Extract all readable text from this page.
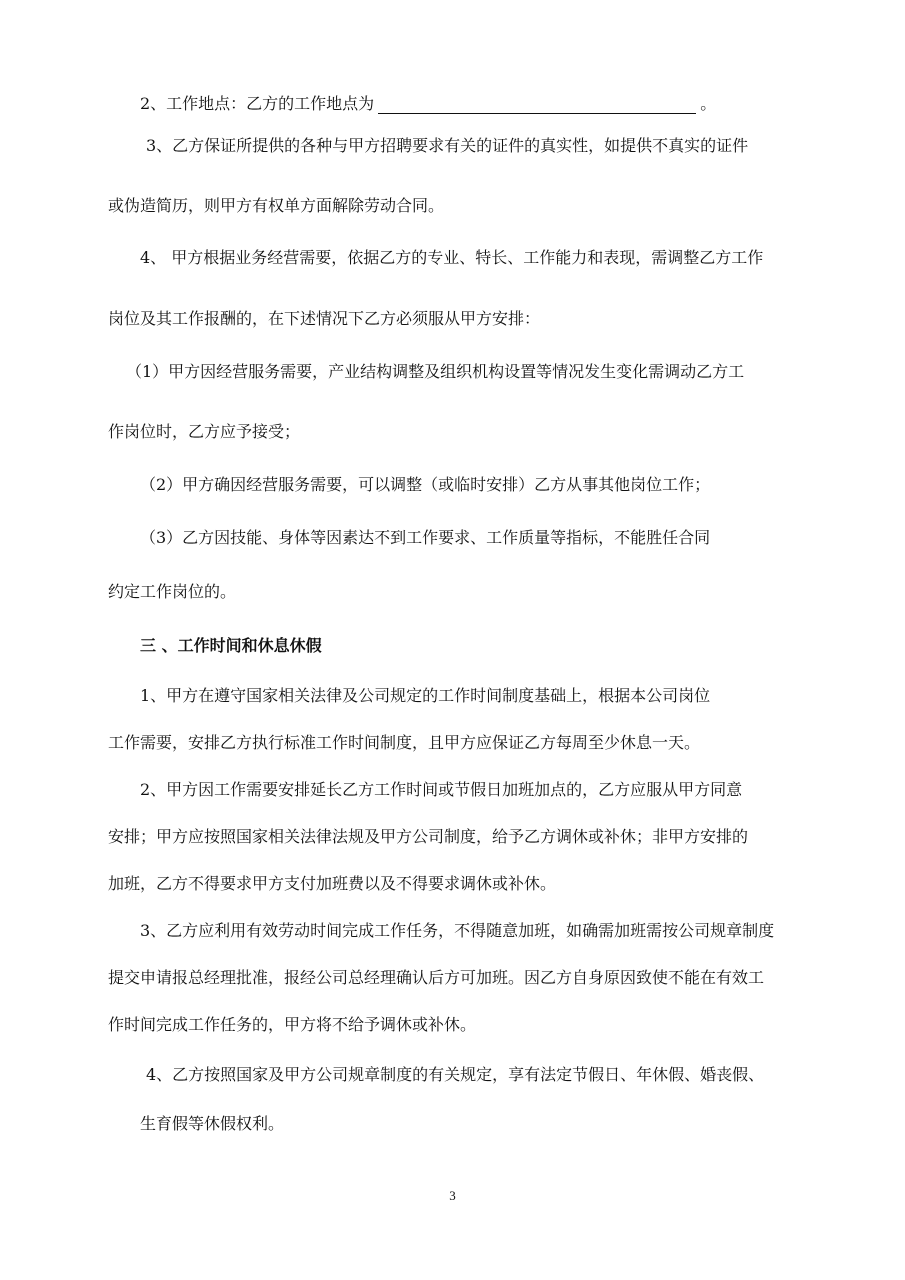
2、工作地点：乙方的工作地点为	。
3、乙方保证所提供的各种与甲方招聘要求有关的证件的真实性，如提供不真实的证件
或伪造简历，则甲方有权单方面解除劳动合同。
4、 甲方根据业务经营需要，依据乙方的专业、特长、工作能力和表现，需调整乙方工作
岗位及其工作报酬的，在下述情况下乙方必须服从甲方安排：
（1）甲方因经营服务需要，产业结构调整及组织机构设置等情况发生变化需调动乙方工
作岗位时，乙方应予接受；
（2）甲方确因经营服务需要，可以调整（或临时安排）乙方从事其他岗位工作；
（3）乙方因技能、身体等因素达不到工作要求、工作质量等指标，不能胜任合同
约定工作岗位的。
三 、工作时间和休息休假
1、甲方在遵守国家相关法律及公司规定的工作时间制度基础上，根据本公司岗位
工作需要，安排乙方执行标准工作时间制度，且甲方应保证乙方每周至少休息一天。
2、甲方因工作需要安排延长乙方工作时间或节假日加班加点的，乙方应服从甲方同意
安排；甲方应按照国家相关法律法规及甲方公司制度，给予乙方调休或补休；非甲方安排的
加班，乙方不得要求甲方支付加班费以及不得要求调休或补休。
3、乙方应利用有效劳动时间完成工作任务，不得随意加班，如确需加班需按公司规章制度
提交申请报总经理批准，报经公司总经理确认后方可加班。因乙方自身原因致使不能在有效工
作时间完成工作任务的，甲方将不给予调休或补休。
4、乙方按照国家及甲方公司规章制度的有关规定，享有法定节假日、年休假、婚丧假、
生育假等休假权利。
3
